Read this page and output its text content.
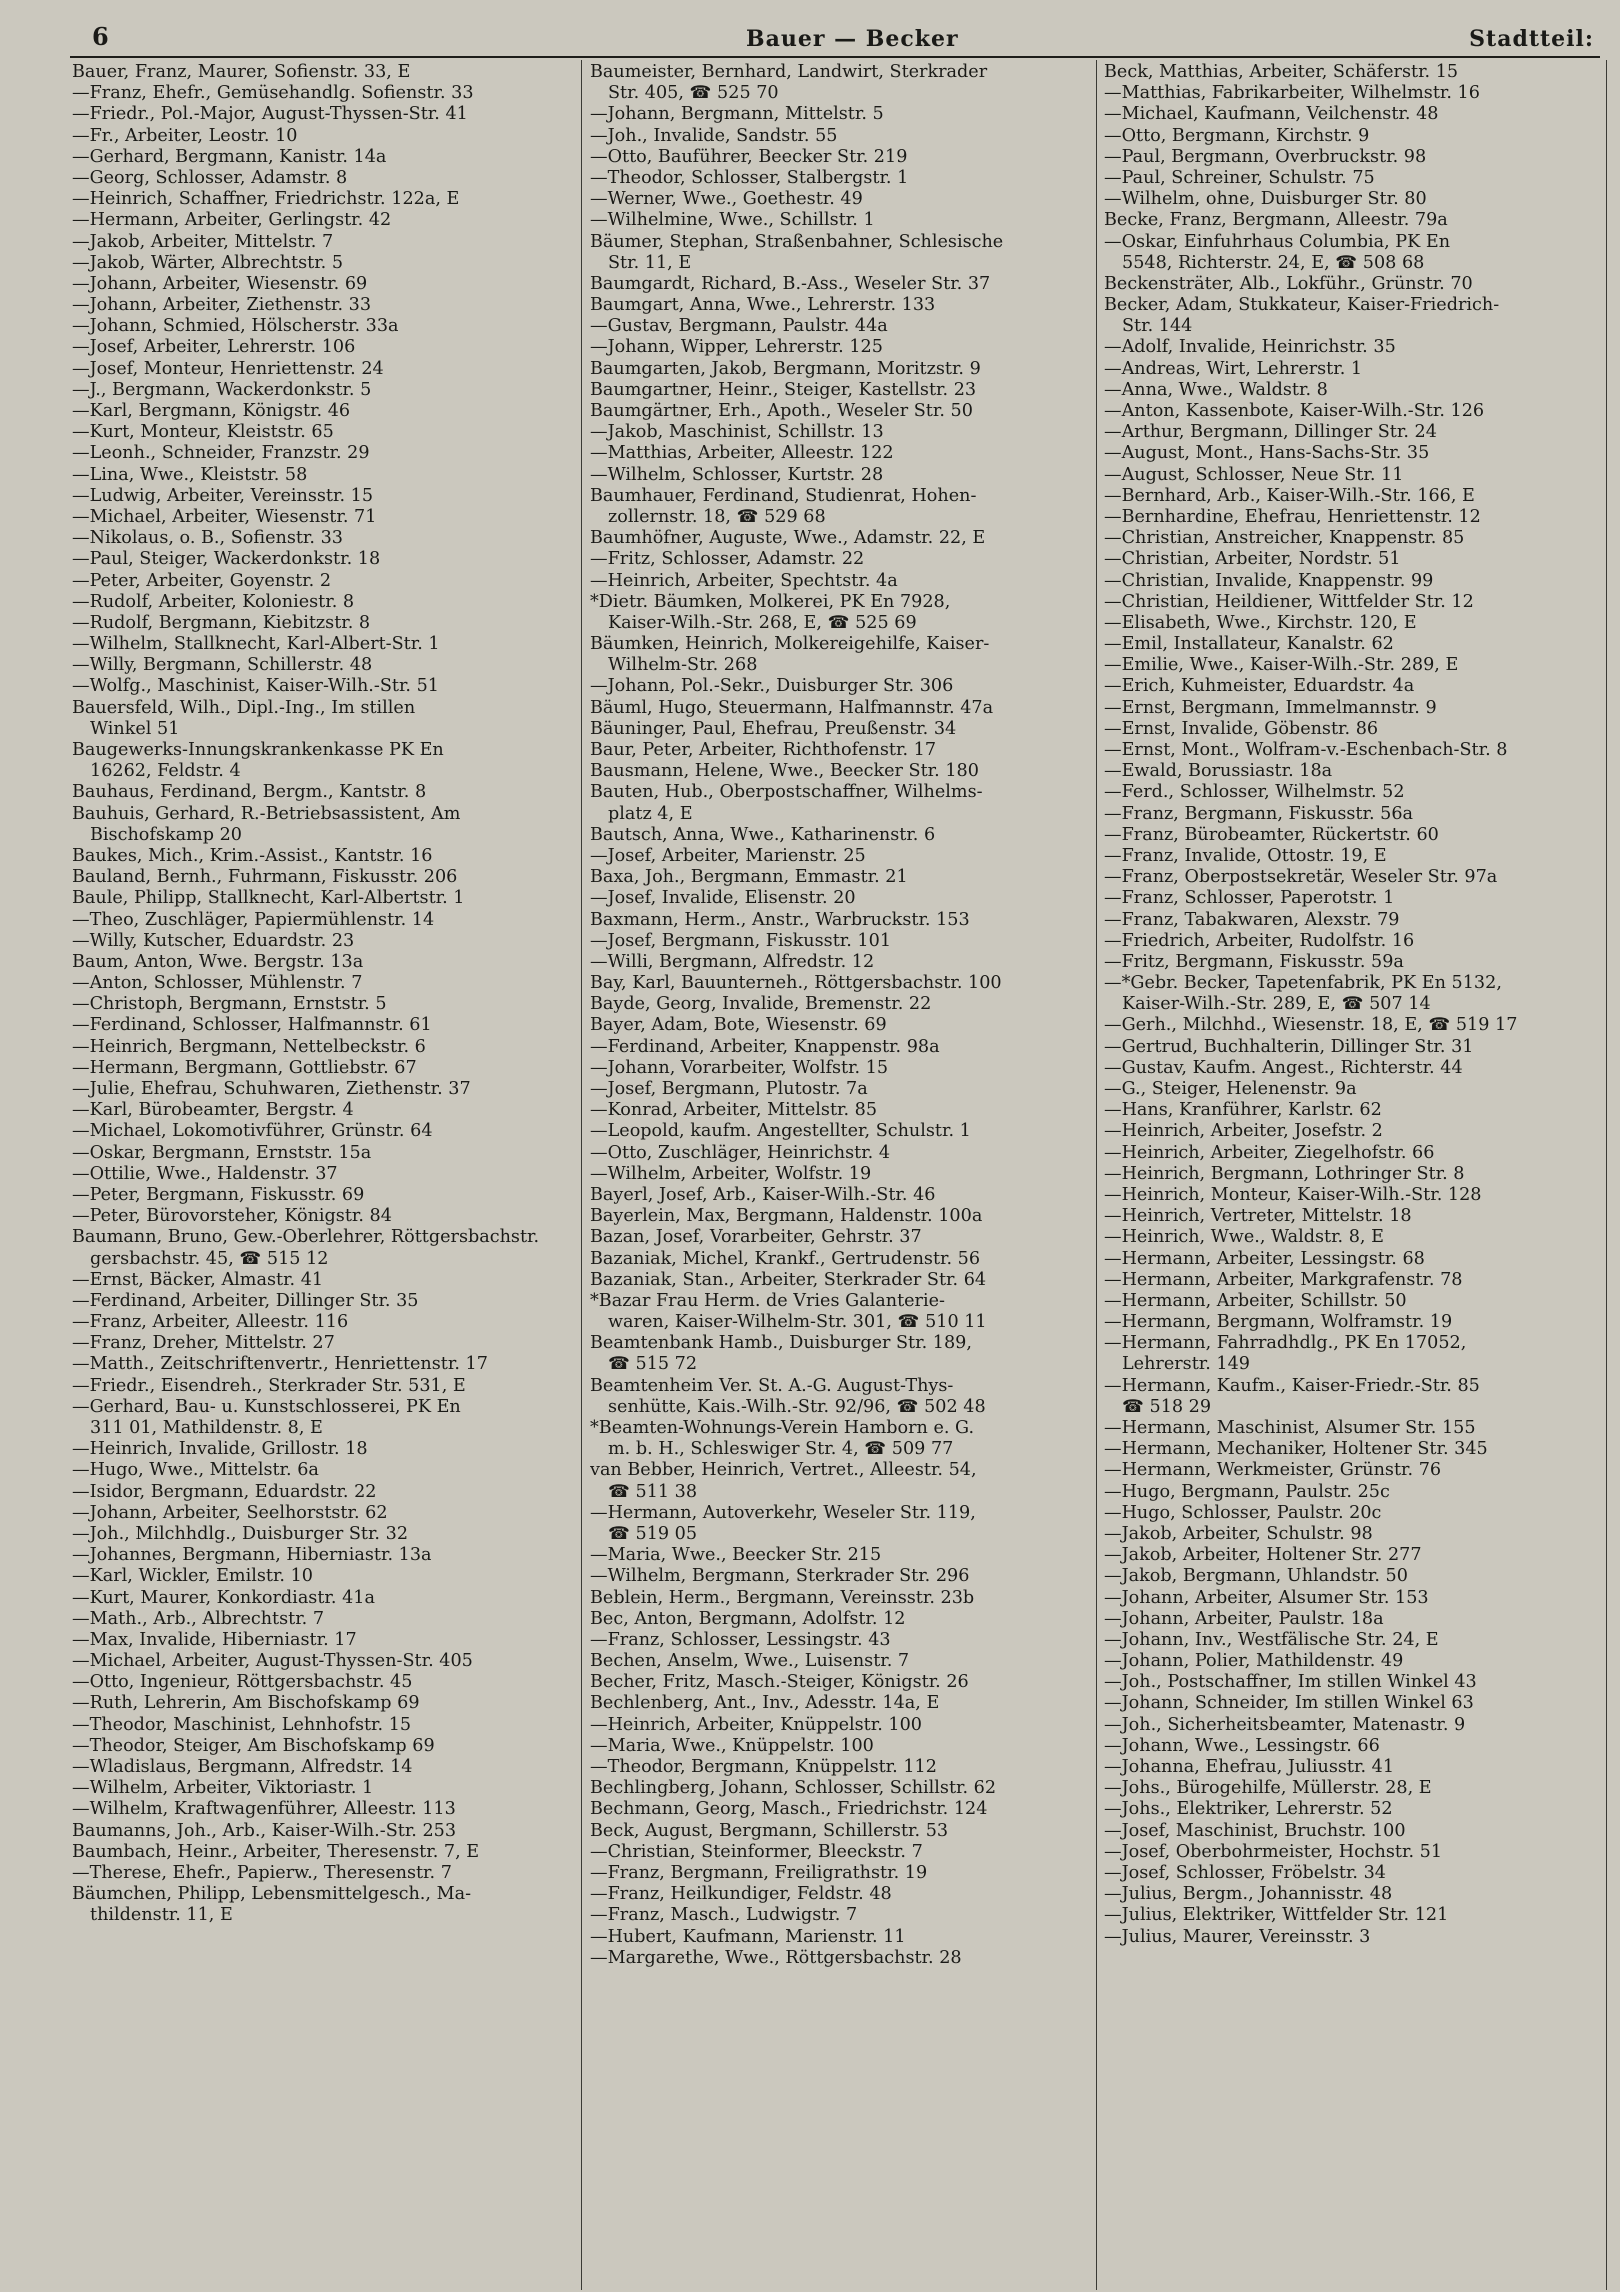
6	Bauer — Becker	Stadtteil:
Bauer, Franz, Maurer, Sofienstr. 33, E
—Franz, Ehefr., Gemüsehandlg. Sofienstr. 33
—Friedr., Pol.-Major, August-Thyssen-Str. 41
—Fr., Arbeiter, Leostr. 10
—Gerhard, Bergmann, Kanistr. 14a
—Georg, Schlosser, Adamstr. 8
—Heinrich, Schaffner, Friedrichstr. 122a, E
—Hermann, Arbeiter, Gerlingstr. 42
—Jakob, Arbeiter, Mittelstr. 7
—Jakob, Wärter, Albrechtstr. 5
—Johann, Arbeiter, Wiesenstr. 69
—Johann, Arbeiter, Ziethenstr. 33
—Johann, Schmied, Hölscherstr. 33a
—Josef, Arbeiter, Lehrerstr. 106
—Josef, Monteur, Henriettenstr. 24
—J., Bergmann, Wackerdonkstr. 5
—Karl, Bergmann, Königstr. 46
—Kurt, Monteur, Kleiststr. 65
—Leonh., Schneider, Franzstr. 29
—Lina, Wwe., Kleiststr. 58
—Ludwig, Arbeiter, Vereinsstr. 15
—Michael, Arbeiter, Wiesenstr. 71
—Nikolaus, o. B., Sofienstr. 33
—Paul, Steiger, Wackerdonkstr. 18
—Peter, Arbeiter, Goyenstr. 2
—Rudolf, Arbeiter, Koloniestr. 8
—Rudolf, Bergmann, Kiebitzstr. 8
—Wilhelm, Stallknecht, Karl-Albert-Str. 1
—Willy, Bergmann, Schillerstr. 48
—Wolfg., Maschinist, Kaiser-Wilh.-Str. 51
Bauersfeld, Wilh., Dipl.-Ing., Im stillen
Winkel 51
Baugewerks-Innungskrankenkasse PK En
16262, Feldstr. 4
Bauhaus, Ferdinand, Bergm., Kantstr. 8
Bauhuis, Gerhard, R.-Betriebsassistent, Am
Bischofskamp 20
Baukes, Mich., Krim.-Assist., Kantstr. 16
Bauland, Bernh., Fuhrmann, Fiskusstr. 206
Baule, Philipp, Stallknecht, Karl-Albertstr. 1
—Theo, Zuschläger, Papiermühlenstr. 14
—Willy, Kutscher, Eduardstr. 23
Baum, Anton, Wwe. Bergstr. 13a
—Anton, Schlosser, Mühlenstr. 7
—Christoph, Bergmann, Ernststr. 5
—Ferdinand, Schlosser, Halfmannstr. 61
—Heinrich, Bergmann, Nettelbeckstr. 6
—Hermann, Bergmann, Gottliebstr. 67
—Julie, Ehefrau, Schuhwaren, Ziethenstr. 37
—Karl, Bürobeamter, Bergstr. 4
—Michael, Lokomotivführer, Grünstr. 64
—Oskar, Bergmann, Ernststr. 15a
—Ottilie, Wwe., Haldenstr. 37
—Peter, Bergmann, Fiskusstr. 69
—Peter, Bürovorsteher, Königstr. 84
Baumann, Bruno, Gew.-Oberlehrer, Röttgersbachstr.
gersbachstr. 45, ☎ 515 12
—Ernst, Bäcker, Almastr. 41
—Ferdinand, Arbeiter, Dillinger Str. 35
—Franz, Arbeiter, Alleestr. 116
—Franz, Dreher, Mittelstr. 27
—Matth., Zeitschriftenvertr., Henriettenstr. 17
—Friedr., Eisendreh., Sterkrader Str. 531, E
—Gerhard, Bau- u. Kunstschlosserei, PK En
311 01, Mathildenstr. 8, E
—Heinrich, Invalide, Grillostr. 18
—Hugo, Wwe., Mittelstr. 6a
—Isidor, Bergmann, Eduardstr. 22
—Johann, Arbeiter, Seelhorststr. 62
—Joh., Milchhdlg., Duisburger Str. 32
—Johannes, Bergmann, Hiberniastr. 13a
—Karl, Wickler, Emilstr. 10
—Kurt, Maurer, Konkordiastr. 41a
—Math., Arb., Albrechtstr. 7
—Max, Invalide, Hiberniastr. 17
—Michael, Arbeiter, August-Thyssen-Str. 405
—Otto, Ingenieur, Röttgersbachstr. 45
—Ruth, Lehrerin, Am Bischofskamp 69
—Theodor, Maschinist, Lehnhofstr. 15
—Theodor, Steiger, Am Bischofskamp 69
—Wladislaus, Bergmann, Alfredstr. 14
—Wilhelm, Arbeiter, Viktoriastr. 1
—Wilhelm, Kraftwagenführer, Alleestr. 113
Baumanns, Joh., Arb., Kaiser-Wilh.-Str. 253
Baumbach, Heinr., Arbeiter, Theresenstr. 7, E
—Therese, Ehefr., Papierw., Theresenstr. 7
Bäumchen, Philipp, Lebensmittelgesch., Ma-
thildenstr. 11, E
Baumeister, Bernhard, Landwirt, Sterkrader
Str. 405, ☎ 525 70
—Johann, Bergmann, Mittelstr. 5
—Joh., Invalide, Sandstr. 55
—Otto, Bauführer, Beecker Str. 219
—Theodor, Schlosser, Stalbergstr. 1
—Werner, Wwe., Goethestr. 49
—Wilhelmine, Wwe., Schillstr. 1
Bäumer, Stephan, Straßenbahner, Schlesische
Str. 11, E
Baumgardt, Richard, B.-Ass., Weseler Str. 37
Baumgart, Anna, Wwe., Lehrerstr. 133
—Gustav, Bergmann, Paulstr. 44a
—Johann, Wipper, Lehrerstr. 125
Baumgarten, Jakob, Bergmann, Moritzstr. 9
Baumgartner, Heinr., Steiger, Kastellstr. 23
Baumgärtner, Erh., Apoth., Weseler Str. 50
—Jakob, Maschinist, Schillstr. 13
—Matthias, Arbeiter, Alleestr. 122
—Wilhelm, Schlosser, Kurtstr. 28
Baumhauer, Ferdinand, Studienrat, Hohen-
zollernstr. 18, ☎ 529 68
Baumhöfner, Auguste, Wwe., Adamstr. 22, E
—Fritz, Schlosser, Adamstr. 22
—Heinrich, Arbeiter, Spechtstr. 4a
*Dietr. Bäumken, Molkerei, PK En 7928,
Kaiser-Wilh.-Str. 268, E, ☎ 525 69
Bäumken, Heinrich, Molkereigehilfe, Kaiser-
Wilhelm-Str. 268
—Johann, Pol.-Sekr., Duisburger Str. 306
Bäuml, Hugo, Steuermann, Halfmannstr. 47a
Bäuninger, Paul, Ehefrau, Preußenstr. 34
Baur, Peter, Arbeiter, Richthofenstr. 17
Bausmann, Helene, Wwe., Beecker Str. 180
Bauten, Hub., Oberpostschaffner, Wilhelms-
platz 4, E
Bautsch, Anna, Wwe., Katharinenstr. 6
—Josef, Arbeiter, Marienstr. 25
Baxa, Joh., Bergmann, Emmastr. 21
—Josef, Invalide, Elisenstr. 20
Baxmann, Herm., Anstr., Warbruckstr. 153
—Josef, Bergmann, Fiskusstr. 101
—Willi, Bergmann, Alfredstr. 12
Bay, Karl, Bauunterneh., Röttgersbachstr. 100
Bayde, Georg, Invalide, Bremenstr. 22
Bayer, Adam, Bote, Wiesenstr. 69
—Ferdinand, Arbeiter, Knappenstr. 98a
—Johann, Vorarbeiter, Wolfstr. 15
—Josef, Bergmann, Plutostr. 7a
—Konrad, Arbeiter, Mittelstr. 85
—Leopold, kaufm. Angestellter, Schulstr. 1
—Otto, Zuschläger, Heinrichstr. 4
—Wilhelm, Arbeiter, Wolfstr. 19
Bayerl, Josef, Arb., Kaiser-Wilh.-Str. 46
Bayerlein, Max, Bergmann, Haldenstr. 100a
Bazan, Josef, Vorarbeiter, Gehrstr. 37
Bazaniak, Michel, Krankf., Gertrudenstr. 56
Bazaniak, Stan., Arbeiter, Sterkrader Str. 64
*Bazar Frau Herm. de Vries Galanterie-
waren, Kaiser-Wilhelm-Str. 301, ☎ 510 11
Beamtenbank Hamb., Duisburger Str. 189,
☎ 515 72
Beamtenheim Ver. St. A.-G. August-Thys-
senhütte, Kais.-Wilh.-Str. 92/96, ☎ 502 48
*Beamten-Wohnungs-Verein Hamborn e. G.
m. b. H., Schleswiger Str. 4, ☎ 509 77
van Bebber, Heinrich, Vertret., Alleestr. 54,
☎ 511 38
—Hermann, Autoverkehr, Weseler Str. 119,
☎ 519 05
—Maria, Wwe., Beecker Str. 215
—Wilhelm, Bergmann, Sterkrader Str. 296
Beblein, Herm., Bergmann, Vereinsstr. 23b
Bec, Anton, Bergmann, Adolfstr. 12
—Franz, Schlosser, Lessingstr. 43
Bechen, Anselm, Wwe., Luisenstr. 7
Becher, Fritz, Masch.-Steiger, Königstr. 26
Bechlenberg, Ant., Inv., Adesstr. 14a, E
—Heinrich, Arbeiter, Knüppelstr. 100
—Maria, Wwe., Knüppelstr. 100
—Theodor, Bergmann, Knüppelstr. 112
Bechlingberg, Johann, Schlosser, Schillstr. 62
Bechmann, Georg, Masch., Friedrichstr. 124
Beck, August, Bergmann, Schillerstr. 53
—Christian, Steinformer, Bleeckstr. 7
—Franz, Bergmann, Freiligrathstr. 19
—Franz, Heilkundiger, Feldstr. 48
—Franz, Masch., Ludwigstr. 7
—Hubert, Kaufmann, Marienstr. 11
—Margarethe, Wwe., Röttgersbachstr. 28
Beck, Matthias, Arbeiter, Schäferstr. 15
—Matthias, Fabrikarbeiter, Wilhelmstr. 16
—Michael, Kaufmann, Veilchenstr. 48
—Otto, Bergmann, Kirchstr. 9
—Paul, Bergmann, Overbruckstr. 98
—Paul, Schreiner, Schulstr. 75
—Wilhelm, ohne, Duisburger Str. 80
Becke, Franz, Bergmann, Alleestr. 79a
—Oskar, Einfuhrhaus Columbia, PK En
5548, Richterstr. 24, E, ☎ 508 68
Beckensträter, Alb., Lokführ., Grünstr. 70
Becker, Adam, Stukkateur, Kaiser-Friedrich-
Str. 144
—Adolf, Invalide, Heinrichstr. 35
—Andreas, Wirt, Lehrerstr. 1
—Anna, Wwe., Waldstr. 8
—Anton, Kassenbote, Kaiser-Wilh.-Str. 126
—Arthur, Bergmann, Dillinger Str. 24
—August, Mont., Hans-Sachs-Str. 35
—August, Schlosser, Neue Str. 11
—Bernhard, Arb., Kaiser-Wilh.-Str. 166, E
—Bernhardine, Ehefrau, Henriettenstr. 12
—Christian, Anstreicher, Knappenstr. 85
—Christian, Arbeiter, Nordstr. 51
—Christian, Invalide, Knappenstr. 99
—Christian, Heildiener, Wittfelder Str. 12
—Elisabeth, Wwe., Kirchstr. 120, E
—Emil, Installateur, Kanalstr. 62
—Emilie, Wwe., Kaiser-Wilh.-Str. 289, E
—Erich, Kuhmeister, Eduardstr. 4a
—Ernst, Bergmann, Immelmannstr. 9
—Ernst, Invalide, Göbenstr. 86
—Ernst, Mont., Wolfram-v.-Eschenbach-Str. 8
—Ewald, Borussiastr. 18a
—Ferd., Schlosser, Wilhelmstr. 52
—Franz, Bergmann, Fiskusstr. 56a
—Franz, Bürobeamter, Rückertstr. 60
—Franz, Invalide, Ottostr. 19, E
—Franz, Oberpostsekretär, Weseler Str. 97a
—Franz, Schlosser, Paperotstr. 1
—Franz, Tabakwaren, Alexstr. 79
—Friedrich, Arbeiter, Rudolfstr. 16
—Fritz, Bergmann, Fiskusstr. 59a
—*Gebr. Becker, Tapetenfabrik, PK En 5132,
Kaiser-Wilh.-Str. 289, E, ☎ 507 14
—Gerh., Milchhd., Wiesenstr. 18, E, ☎ 519 17
—Gertrud, Buchhalterin, Dillinger Str. 31
—Gustav, Kaufm. Angest., Richterstr. 44
—G., Steiger, Helenenstr. 9a
—Hans, Kranführer, Karlstr. 62
—Heinrich, Arbeiter, Josefstr. 2
—Heinrich, Arbeiter, Ziegelhofstr. 66
—Heinrich, Bergmann, Lothringer Str. 8
—Heinrich, Monteur, Kaiser-Wilh.-Str. 128
—Heinrich, Vertreter, Mittelstr. 18
—Heinrich, Wwe., Waldstr. 8, E
—Hermann, Arbeiter, Lessingstr. 68
—Hermann, Arbeiter, Markgrafenstr. 78
—Hermann, Arbeiter, Schillstr. 50
—Hermann, Bergmann, Wolframstr. 19
—Hermann, Fahrradhdlg., PK En 17052,
Lehrerstr. 149
—Hermann, Kaufm., Kaiser-Friedr.-Str. 85
☎ 518 29
—Hermann, Maschinist, Alsumer Str. 155
—Hermann, Mechaniker, Holtener Str. 345
—Hermann, Werkmeister, Grünstr. 76
—Hugo, Bergmann, Paulstr. 25c
—Hugo, Schlosser, Paulstr. 20c
—Jakob, Arbeiter, Schulstr. 98
—Jakob, Arbeiter, Holtener Str. 277
—Jakob, Bergmann, Uhlandstr. 50
—Johann, Arbeiter, Alsumer Str. 153
—Johann, Arbeiter, Paulstr. 18a
—Johann, Inv., Westfälische Str. 24, E
—Johann, Polier, Mathildenstr. 49
—Joh., Postschaffner, Im stillen Winkel 43
—Johann, Schneider, Im stillen Winkel 63
—Joh., Sicherheitsbeamter, Matenastr. 9
—Johann, Wwe., Lessingstr. 66
—Johanna, Ehefrau, Juliusstr. 41
—Johs., Bürogehilfe, Müllerstr. 28, E
—Johs., Elektriker, Lehrerstr. 52
—Josef, Maschinist, Bruchstr. 100
—Josef, Oberbohrmeister, Hochstr. 51
—Josef, Schlosser, Fröbelstr. 34
—Julius, Bergm., Johannisstr. 48
—Julius, Elektriker, Wittfelder Str. 121
—Julius, Maurer, Vereinsstr. 3
